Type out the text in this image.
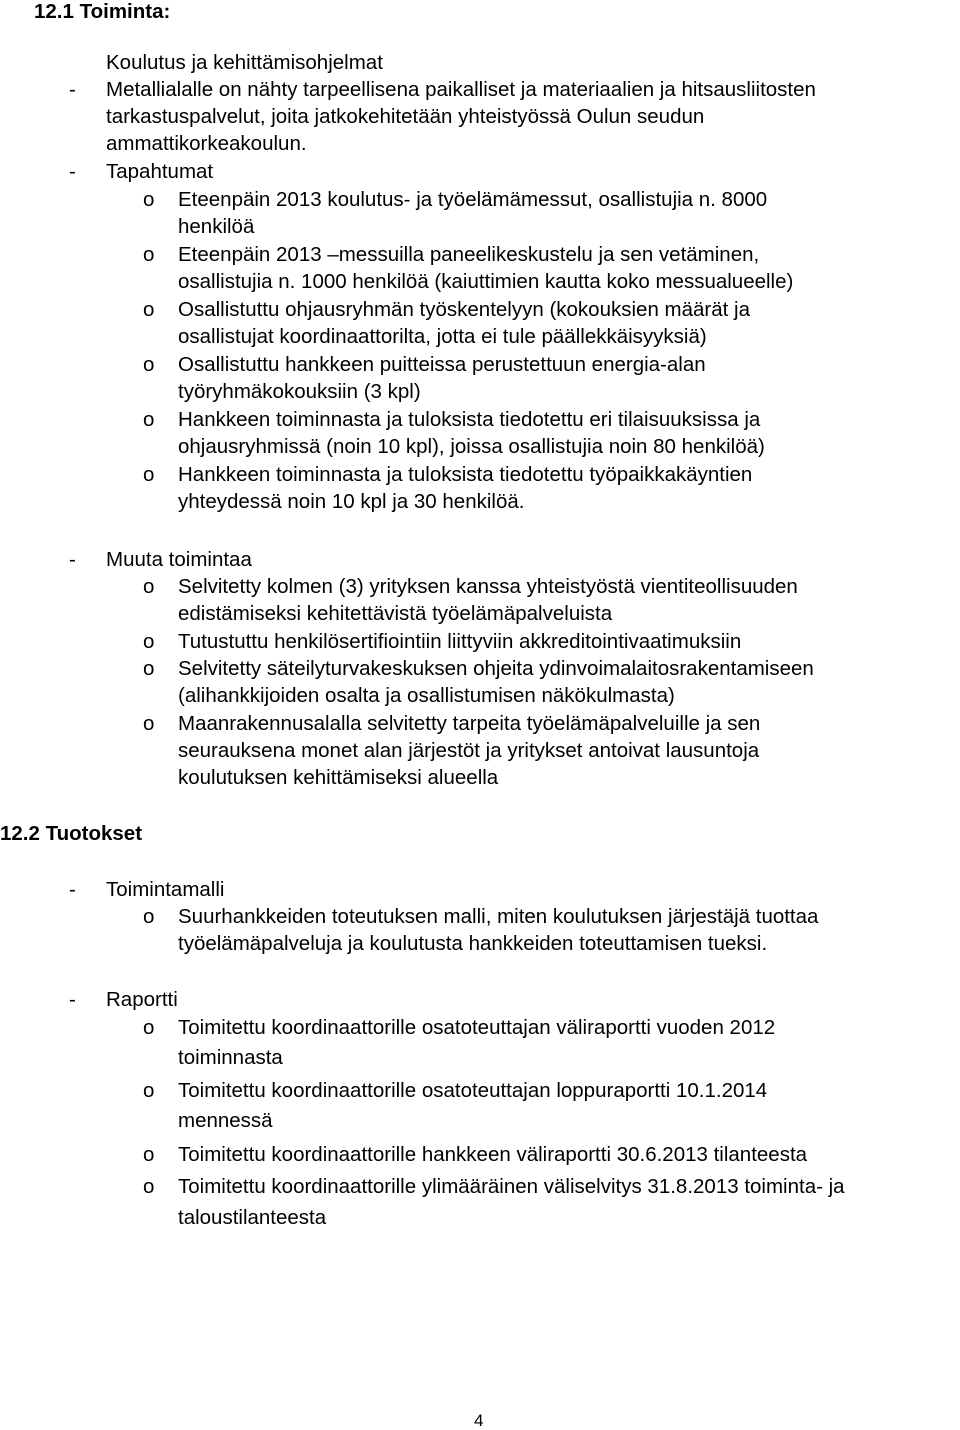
12.1 Toiminta:
Koulutus ja kehittämisohjelmat
- Metallialalle on nähty tarpeellisena paikalliset ja materiaalien ja hitsausliitosten
tarkastuspalvelut, joita jatkokehitetään yhteistyössä Oulun seudun
ammattikorkeakoulun.
- Tapahtumat
o Eteenpäin 2013 koulutus- ja työelämämessut, osallistujia n. 8000
henkilöä
o Eteenpäin 2013 –messuilla paneelikeskustelu ja sen vetäminen,
osallistujia n. 1000 henkilöä (kaiuttimien kautta koko messualueelle)
o Osallistuttu ohjausryhmän työskentelyyn (kokouksien määrät ja
osallistujat koordinaattorilta, jotta ei tule päällekkäisyyksiä)
o Osallistuttu hankkeen puitteissa perustettuun energia-alan
työryhmäkokouksiin (3 kpl)
o Hankkeen toiminnasta ja tuloksista tiedotettu eri tilaisuuksissa ja
ohjausryhmissä (noin 10 kpl), joissa osallistujia noin 80 henkilöä)
o Hankkeen toiminnasta ja tuloksista tiedotettu työpaikkakäyntien
yhteydessä noin 10 kpl ja 30 henkilöä.
- Muuta toimintaa
o Selvitetty kolmen (3) yrityksen kanssa yhteistyöstä vientiteollisuuden
edistämiseksi kehitettävistä työelämäpalveluista
o Tutustuttu henkilösertifiointiin liittyviin akkreditointivaatimuksiin
o Selvitetty säteilyturvakeskuksen ohjeita ydinvoimalaitosrakentamiseen
(alihankkijoiden osalta ja osallistumisen näkökulmasta)
o Maanrakennusalalla selvitetty tarpeita työelämäpalveluille ja sen
seurauksena monet alan järjestöt ja yritykset antoivat lausuntoja
koulutuksen kehittämiseksi alueella
12.2 Tuotokset
- Toimintamalli
o Suurhankkeiden toteutuksen malli, miten koulutuksen järjestäjä tuottaa
työelämäpalveluja ja koulutusta hankkeiden toteuttamisen tueksi.
- Raportti
o Toimitettu koordinaattorille osatoteuttajan väliraportti vuoden 2012
toiminnasta
o Toimitettu koordinaattorille osatoteuttajan loppuraportti 10.1.2014
mennessä
o Toimitettu koordinaattorille hankkeen väliraportti 30.6.2013 tilanteesta
o Toimitettu koordinaattorille ylimääräinen väliselvitys 31.8.2013 toiminta- ja
taloustilanteesta
4
